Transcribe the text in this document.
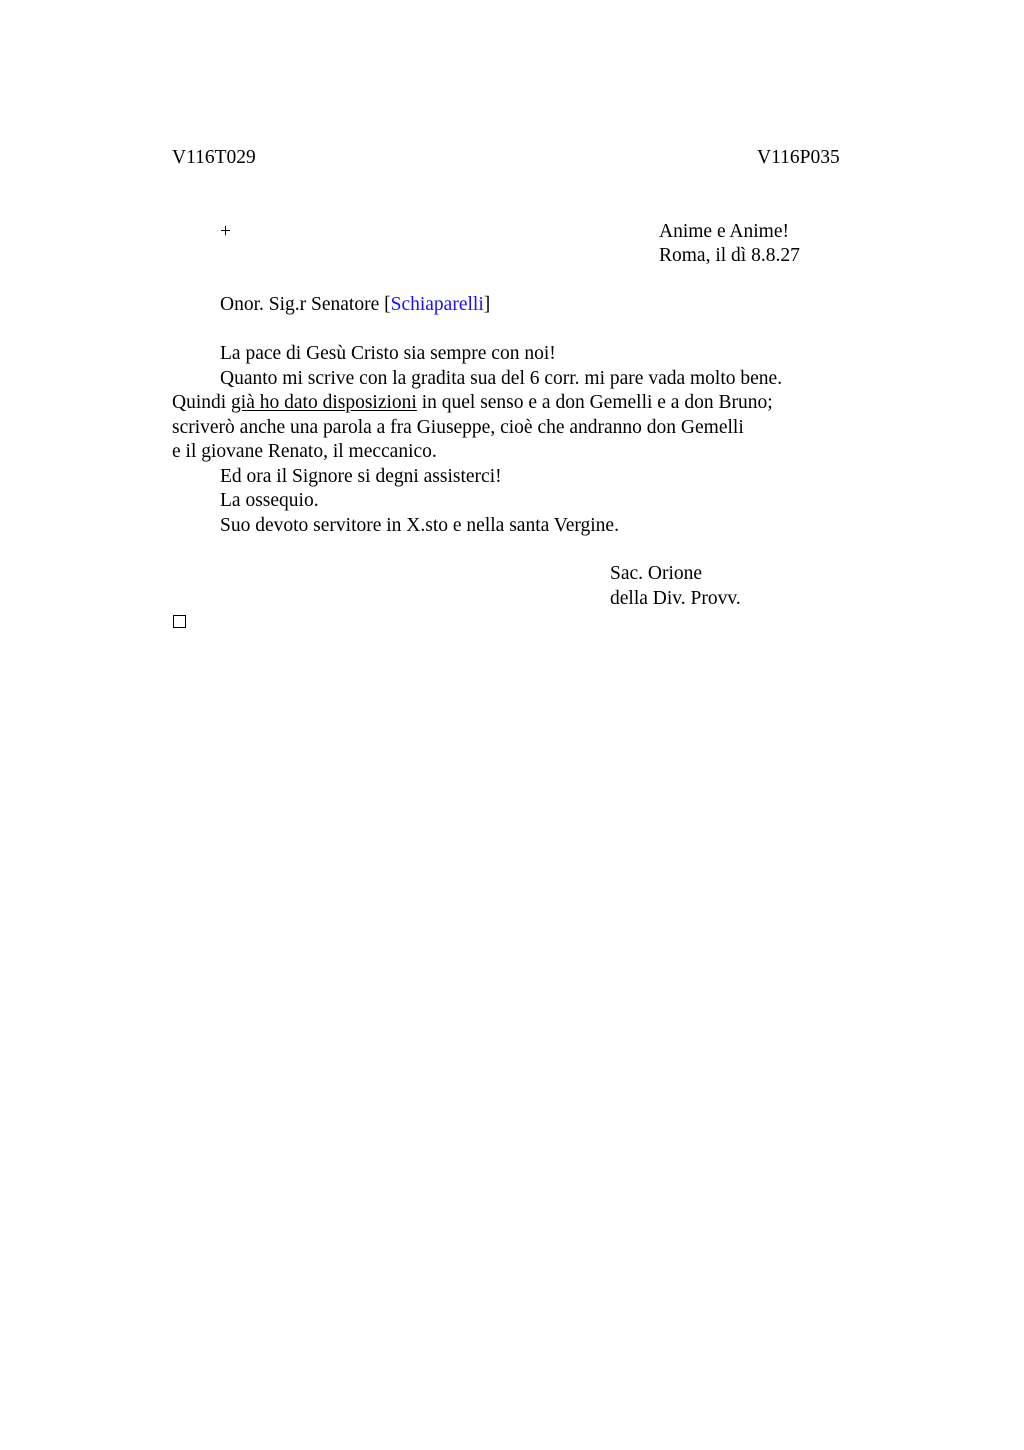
V116T029	V116P035
+	Anime e Anime!
Roma, il dì 8.8.27
Onor. Sig.r Senatore [Schiaparelli]
La pace di Gesù Cristo sia sempre con noi!
Quanto mi scrive con la gradita sua del 6 corr. mi pare vada molto bene.
Quindi già ho dato disposizioni in quel senso e a don Gemelli e a don Bruno;
scriverò anche una parola a fra Giuseppe, cioè che andranno don Gemelli
e il giovane Renato, il meccanico.
Ed ora il Signore si degni assisterci!
La ossequio.
Suo devoto servitore in X.sto e nella santa Vergine.
Sac. Orione
della Div. Provv.
